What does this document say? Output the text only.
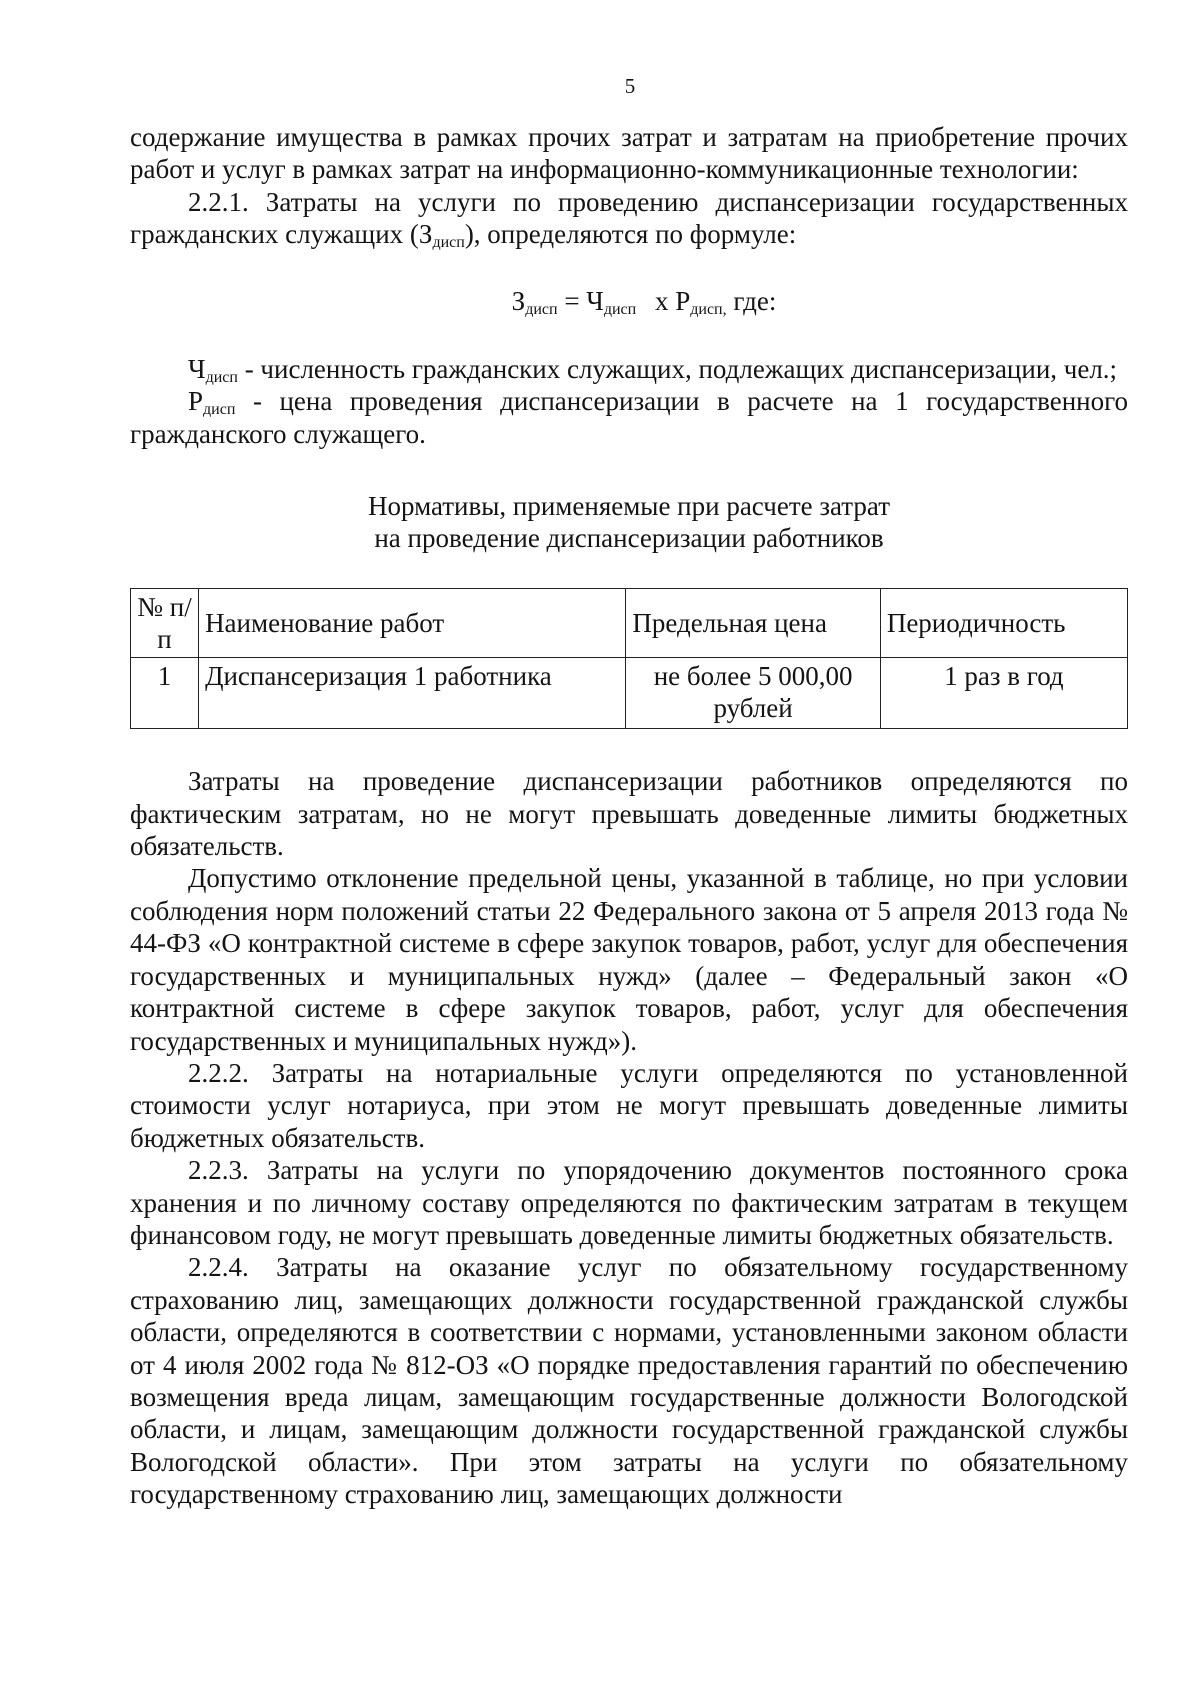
5

содержание имущества в рамках прочих затрат и затратам на приобретение прочих работ и услуг в рамках затрат на информационно-коммуникационные технологии:

2.2.1. Затраты на услуги по проведению диспансеризации государственных гражданских служащих $(З_{дисп})$, определяются по формуле:

$З_{дисп} = Ч_{дисп}$ х $Р_{дисп,}$ где:

$Ч_{дисп}$ - численность гражданских служащих, подлежащих диспансеризации, чел.;

$Р_{дисп}$ - цена проведения диспансеризации в расчете на 1 государственного гражданского служащего.

Нормативы, применяемые при расчете затрат
на проведение диспансеризации работников

№ п/п	Наименование работ	Предельная цена	Периодичность
1	Диспансеризация 1 работника	не более 5 000,00 рублей	1 раз в год

Затраты на проведение диспансеризации работников определяются по фактическим затратам, но не могут превышать доведенные лимиты бюджетных обязательств.

Допустимо отклонение предельной цены, указанной в таблице, но при условии соблюдения норм положений статьи 22 Федерального закона от 5 апреля 2013 года № 44-ФЗ «О контрактной системе в сфере закупок товаров, работ, услуг для обеспечения государственных и муниципальных нужд» (далее – Федеральный закон «О контрактной системе в сфере закупок товаров, работ, услуг для обеспечения государственных и муниципальных нужд»).

2.2.2. Затраты на нотариальные услуги определяются по установленной стоимости услуг нотариуса, при этом не могут превышать доведенные лимиты бюджетных обязательств.

2.2.3. Затраты на услуги по упорядочению документов постоянного срока хранения и по личному составу определяются по фактическим затратам в текущем финансовом году, не могут превышать доведенные лимиты бюджетных обязательств.

2.2.4. Затраты на оказание услуг по обязательному государственному страхованию лиц, замещающих должности государственной гражданской службы области, определяются в соответствии с нормами, установленными законом области от 4 июля 2002 года № 812-ОЗ «О порядке предоставления гарантий по обеспечению возмещения вреда лицам, замещающим государственные должности Вологодской области, и лицам, замещающим должности государственной гражданской службы Вологодской области». При этом затраты на услуги по обязательному государственному страхованию лиц, замещающих должности
